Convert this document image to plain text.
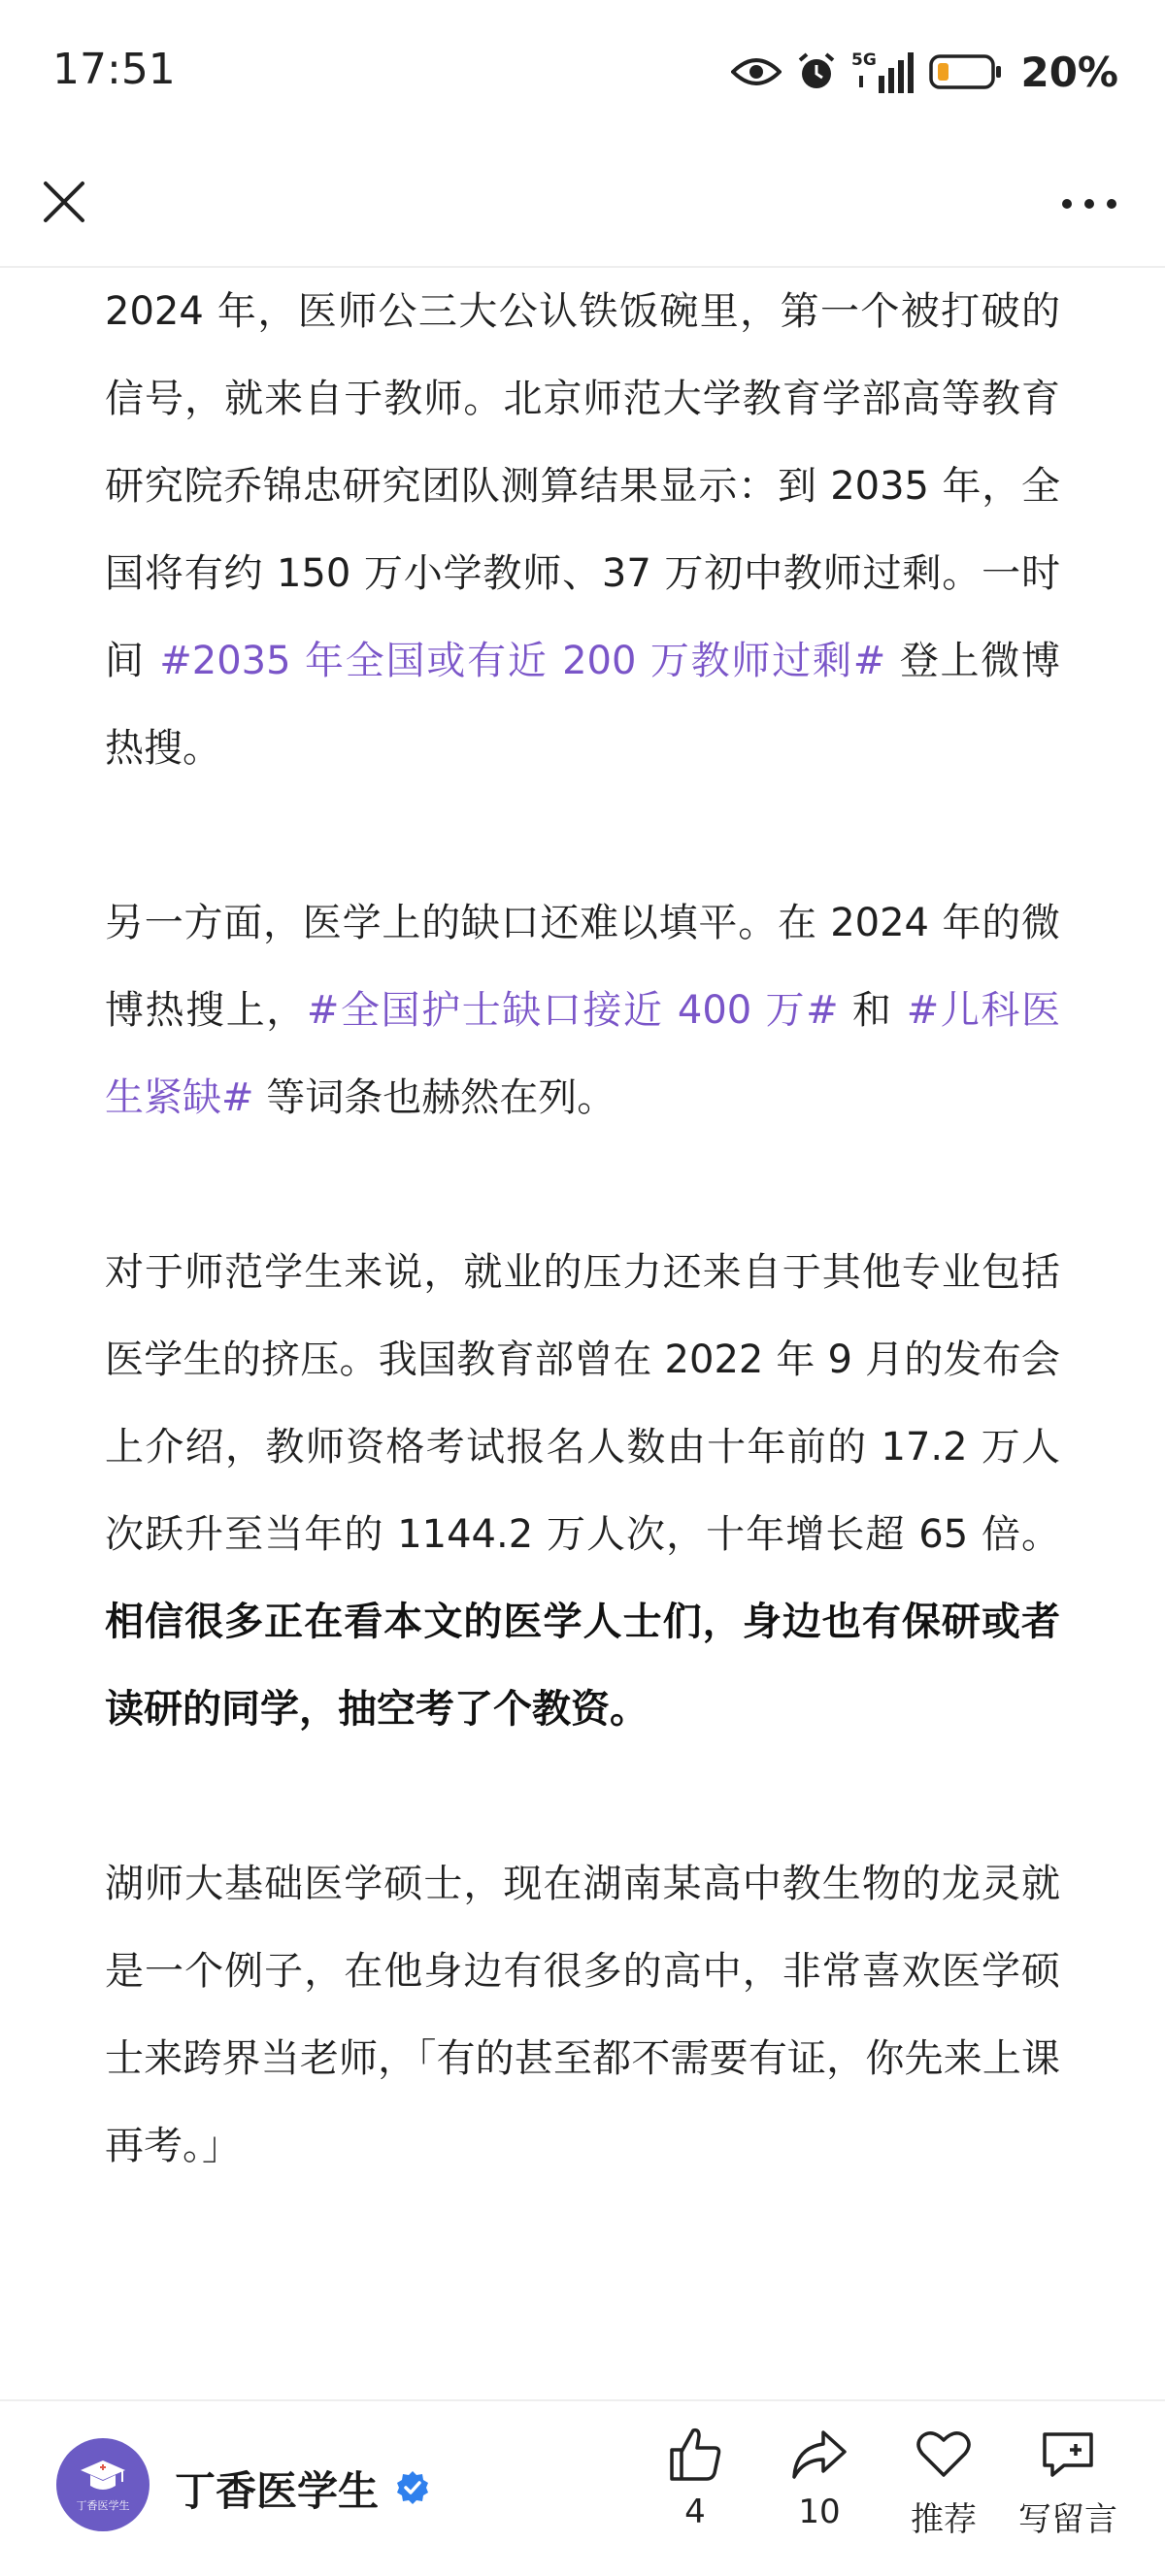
17:51	5G	20%

2024 年，医师公三大公认铁饭碗里，第一个被打破的信号，就来自于教师。北京师范大学教育学部高等教育研究院乔锦忠研究团队测算结果显示：到 2035 年，全国将有约 150 万小学教师、37 万初中教师过剩。一时间 #2035 年全国或有近 200 万教师过剩# 登上微博热搜。

另一方面，医学上的缺口还难以填平。在 2024 年的微博热搜上，#全国护士缺口接近 400 万# 和 #儿科医生紧缺# 等词条也赫然在列。

对于师范学生来说，就业的压力还来自于其他专业包括医学生的挤压。我国教育部曾在 2022 年 9 月的发布会上介绍，教师资格考试报名人数由十年前的 17.2 万人次跃升至当年的 1144.2 万人次，十年增长超 65 倍。相信很多正在看本文的医学人士们，身边也有保研或者读研的同学，抽空考了个教资。

湖师大基础医学硕士，现在湖南某高中教生物的龙灵就是一个例子，在他身边有很多的高中，非常喜欢医学硕士来跨界当老师，「有的甚至都不需要有证，你先来上课再考。」

丁香医学生 丁香医学生	4	10 推荐 写留言
